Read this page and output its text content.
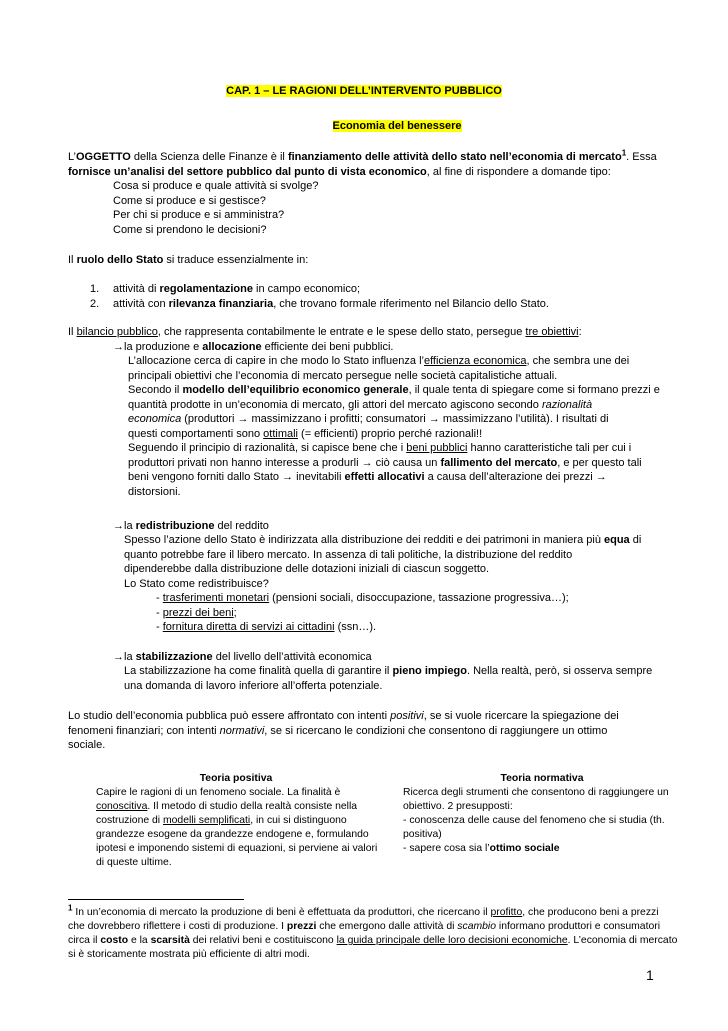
CAP. 1 – LE RAGIONI DELL’INTERVENTO PUBBLICO
Economia del benessere
L’OGGETTO della Scienza delle Finanze è il finanziamento delle attività dello stato nell’economia di mercato$^1$. Essa
fornisce un’analisi del settore pubblico dal punto di vista economico, al fine di rispondere a domande tipo:
Cosa si produce e quale attività si svolge?
Come si produce e si gestisce?
Per chi si produce e si amministra?
Come si prendono le decisioni?
Il ruolo dello Stato si traduce essenzialmente in:
1. attività di regolamentazione in campo economico;
2. attività con rilevanza finanziaria, che trovano formale riferimento nel Bilancio dello Stato.
Il bilancio pubblico, che rappresenta contabilmente le entrate e le spese dello stato, persegue tre obiettivi:
→la produzione e allocazione efficiente dei beni pubblici.
L’allocazione cerca di capire in che modo lo Stato influenza l’efficienza economica, che sembra une dei
principali obiettivi che l’economia di mercato persegue nelle società capitalistiche attuali.
Secondo il modello dell’equilibrio economico generale, il quale tenta di spiegare come si formano prezzi e
quantità prodotte in un’economia di mercato, gli attori del mercato agiscono secondo razionalità
economica (produttori → massimizzano i profitti; consumatori → massimizzano l’utilità). I risultati di
questi comportamenti sono ottimali (= efficienti) proprio perché razionali!!
Seguendo il principio di razionalità, si capisce bene che i beni pubblici hanno caratteristiche tali per cui i
produttori privati non hanno interesse a produrli → ciò causa un fallimento del mercato, e per questo tali
beni vengono forniti dallo Stato → inevitabili effetti allocativi a causa dell’alterazione dei prezzi →
distorsioni.
→la redistribuzione del reddito
Spesso l’azione dello Stato è indirizzata alla distribuzione dei redditi e dei patrimoni in maniera più equa di
quanto potrebbe fare il libero mercato. In assenza di tali politiche, la distribuzione del reddito
dipenderebbe dalla distribuzione delle dotazioni iniziali di ciascun soggetto.
Lo Stato come redistribuisce?
- trasferimenti monetari (pensioni sociali, disoccupazione, tassazione progressiva…);
- prezzi dei beni;
- fornitura diretta di servizi ai cittadini (ssn…).
→la stabilizzazione del livello dell’attività economica
La stabilizzazione ha come finalità quella di garantire il pieno impiego. Nella realtà, però, si osserva sempre
una domanda di lavoro inferiore all’offerta potenziale.
Lo studio dell’economia pubblica può essere affrontato con intenti positivi, se si vuole ricercare la spiegazione dei
fenomeni finanziari; con intenti normativi, se si ricercano le condizioni che consentono di raggiungere un ottimo
sociale.
Teoria positiva
Capire le ragioni di un fenomeno sociale. La finalità è
conoscitiva. Il metodo di studio della realtà consiste nella
costruzione di modelli semplificati, in cui si distinguono
grandezze esogene da grandezze endogene e, formulando
ipotesi e imponendo sistemi di equazioni, si perviene ai valori
di queste ultime.
Teoria normativa
Ricerca degli strumenti che consentono di raggiungere un
obiettivo. 2 presupposti:
- conoscenza delle cause del fenomeno che si studia (th.
positiva)
- sapere cosa sia l’ottimo sociale
$^1$ In un’economia di mercato la produzione di beni è effettuata da produttori, che ricercano il profitto, che producono beni a prezzi
che dovrebbero riflettere i costi di produzione. I prezzi che emergono dalle attività di scambio informano produttori e consumatori
circa il costo e la scarsità dei relativi beni e costituiscono la guida principale delle loro decisioni economiche. L’economia di mercato
si è storicamente mostrata più efficiente di altri modi.
1
